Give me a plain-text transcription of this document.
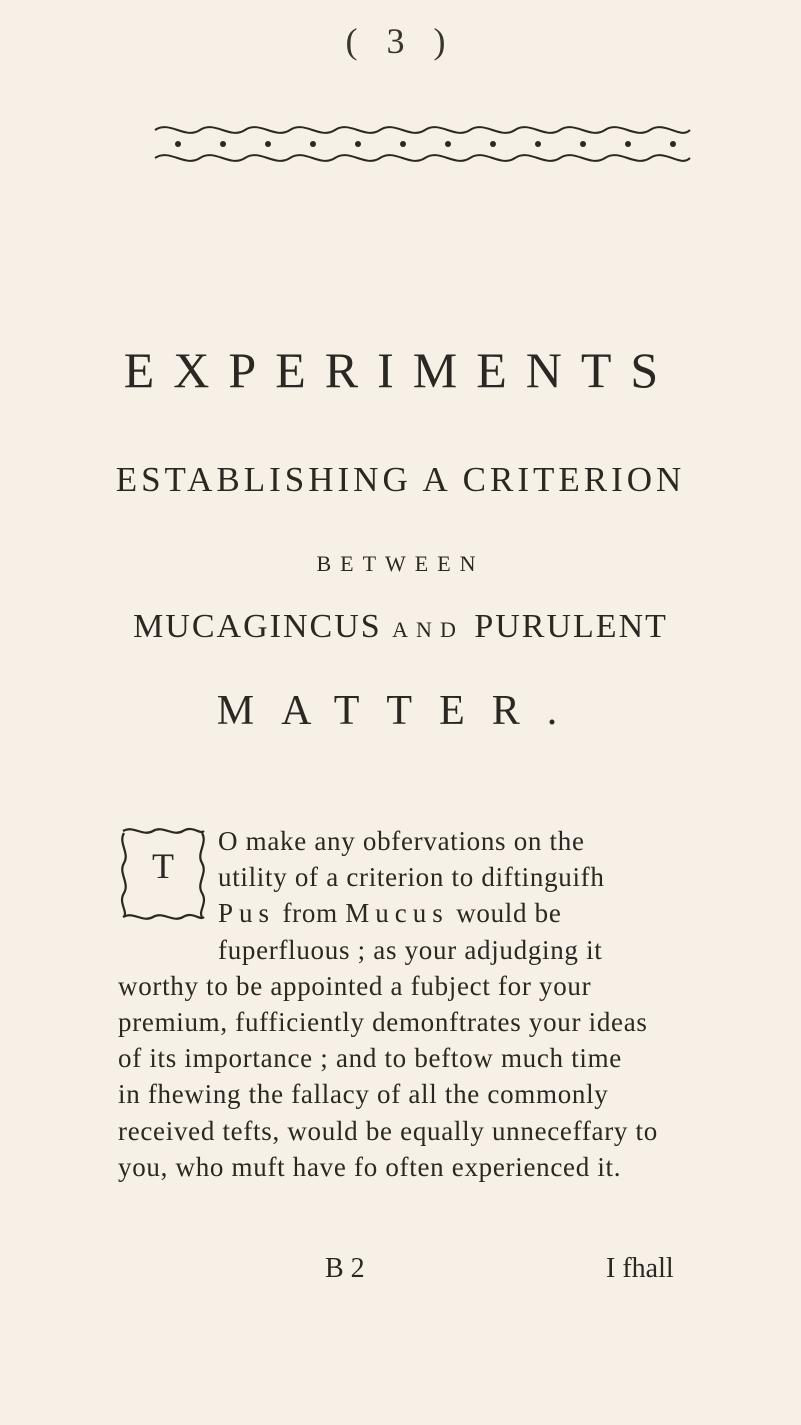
( 3 )
EXPERIMENTS
ESTABLISHING A CRITERION
BETWEEN
MUCAGINCUS AND PURULENT
MATTER.
T
O make any obfervations on the
utility of a criterion to diftinguifh
Pus from Mucus would be
fuperfluous ; as your adjudging it
worthy to be appointed a fubject for your
premium, fufficiently demonftrates your ideas
of its importance ; and to beftow much time
in fhewing the fallacy of all the commonly
received tefts, would be equally unneceffary to
you, who muft have fo often experienced it.
B 2	I fhall
